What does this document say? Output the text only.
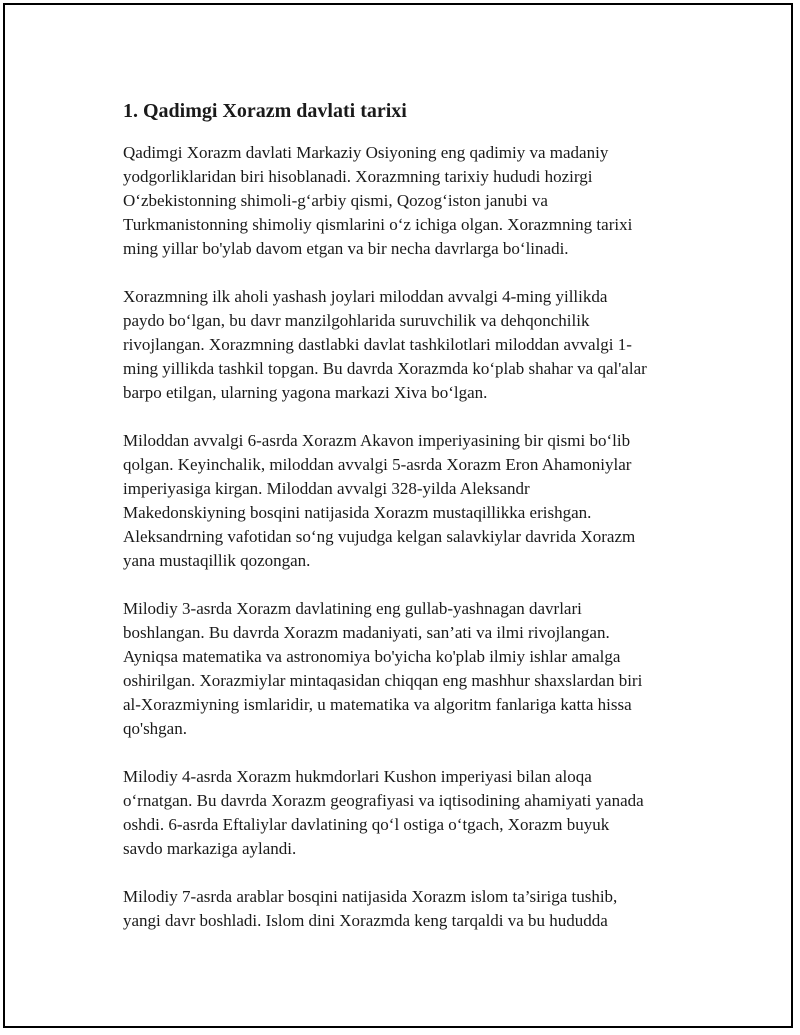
1. Qadimgi Xorazm davlati tarixi

Qadimgi Xorazm davlati Markaziy Osiyoning eng qadimiy va madaniy
yodgorliklaridan biri hisoblanadi. Xorazmning tarixiy hududi hozirgi
O‘zbekistonning shimoli-g‘arbiy qismi, Qozog‘iston janubi va
Turkmanistonning shimoliy qismlarini o‘z ichiga olgan. Xorazmning tarixi
ming yillar bo'ylab davom etgan va bir necha davrlarga bo‘linadi.

Xorazmning ilk aholi yashash joylari miloddan avvalgi 4-ming yillikda
paydo bo‘lgan, bu davr manzilgohlarida suruvchilik va dehqonchilik
rivojlangan. Xorazmning dastlabki davlat tashkilotlari miloddan avvalgi 1-
ming yillikda tashkil topgan. Bu davrda Xorazmda ko‘plab shahar va qal'alar
barpo etilgan, ularning yagona markazi Xiva bo‘lgan.

Miloddan avvalgi 6-asrda Xorazm Akavon imperiyasining bir qismi bo‘lib
qolgan. Keyinchalik, miloddan avvalgi 5-asrda Xorazm Eron Ahamoniylar
imperiyasiga kirgan. Miloddan avvalgi 328-yilda Aleksandr
Makedonskiyning bosqini natijasida Xorazm mustaqillikka erishgan.
Aleksandrning vafotidan so‘ng vujudga kelgan salavkiylar davrida Xorazm
yana mustaqillik qozongan.

Milodiy 3-asrda Xorazm davlatining eng gullab-yashnagan davrlari
boshlangan. Bu davrda Xorazm madaniyati, san’ati va ilmi rivojlangan.
Ayniqsa matematika va astronomiya bo'yicha ko'plab ilmiy ishlar amalga
oshirilgan. Xorazmiylar mintaqasidan chiqqan eng mashhur shaxslardan biri
al-Xorazmiyning ismlaridir, u matematika va algoritm fanlariga katta hissa
qo'shgan.

Milodiy 4-asrda Xorazm hukmdorlari Kushon imperiyasi bilan aloqa
o‘rnatgan. Bu davrda Xorazm geografiyasi va iqtisodining ahamiyati yanada
oshdi. 6-asrda Eftaliylar davlatining qo‘l ostiga o‘tgach, Xorazm buyuk
savdo markaziga aylandi.

Milodiy 7-asrda arablar bosqini natijasida Xorazm islom ta’siriga tushib,
yangi davr boshladi. Islom dini Xorazmda keng tarqaldi va bu hududda
